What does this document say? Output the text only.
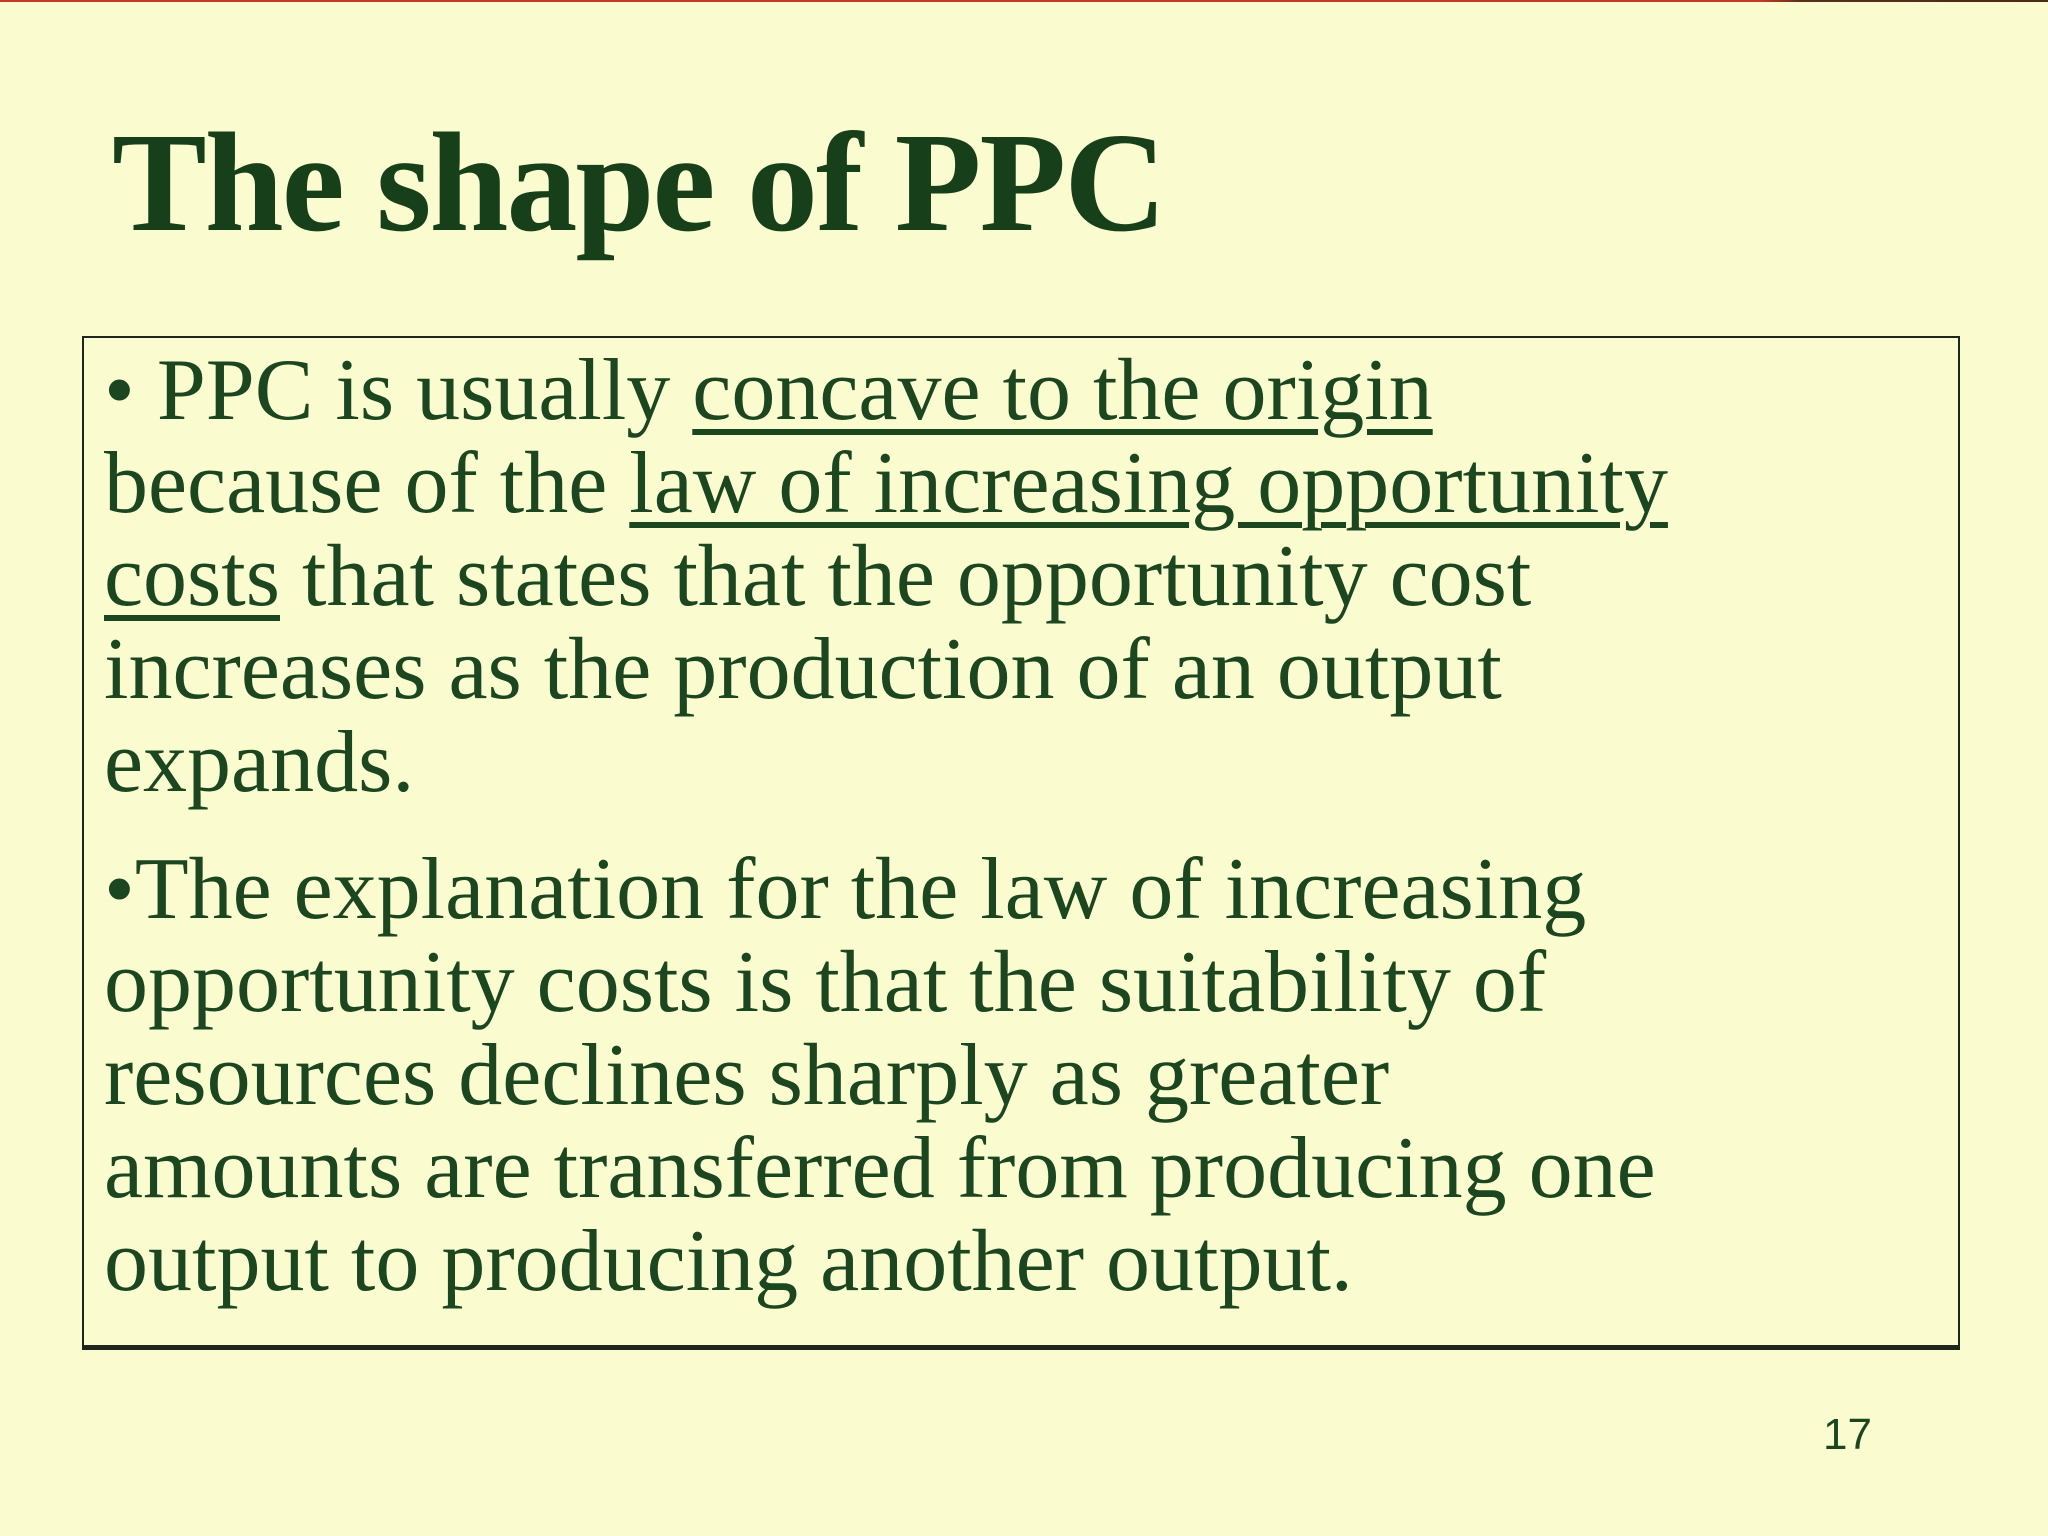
The shape of PPC
• PPC is usually concave to the origin
because of the law of increasing opportunity
costs that states that the opportunity cost
increases as the production of an output
expands.
•The explanation for the law of increasing
opportunity costs is that the suitability of
resources declines sharply as greater
amounts are transferred from producing one
output to producing another output.
17
